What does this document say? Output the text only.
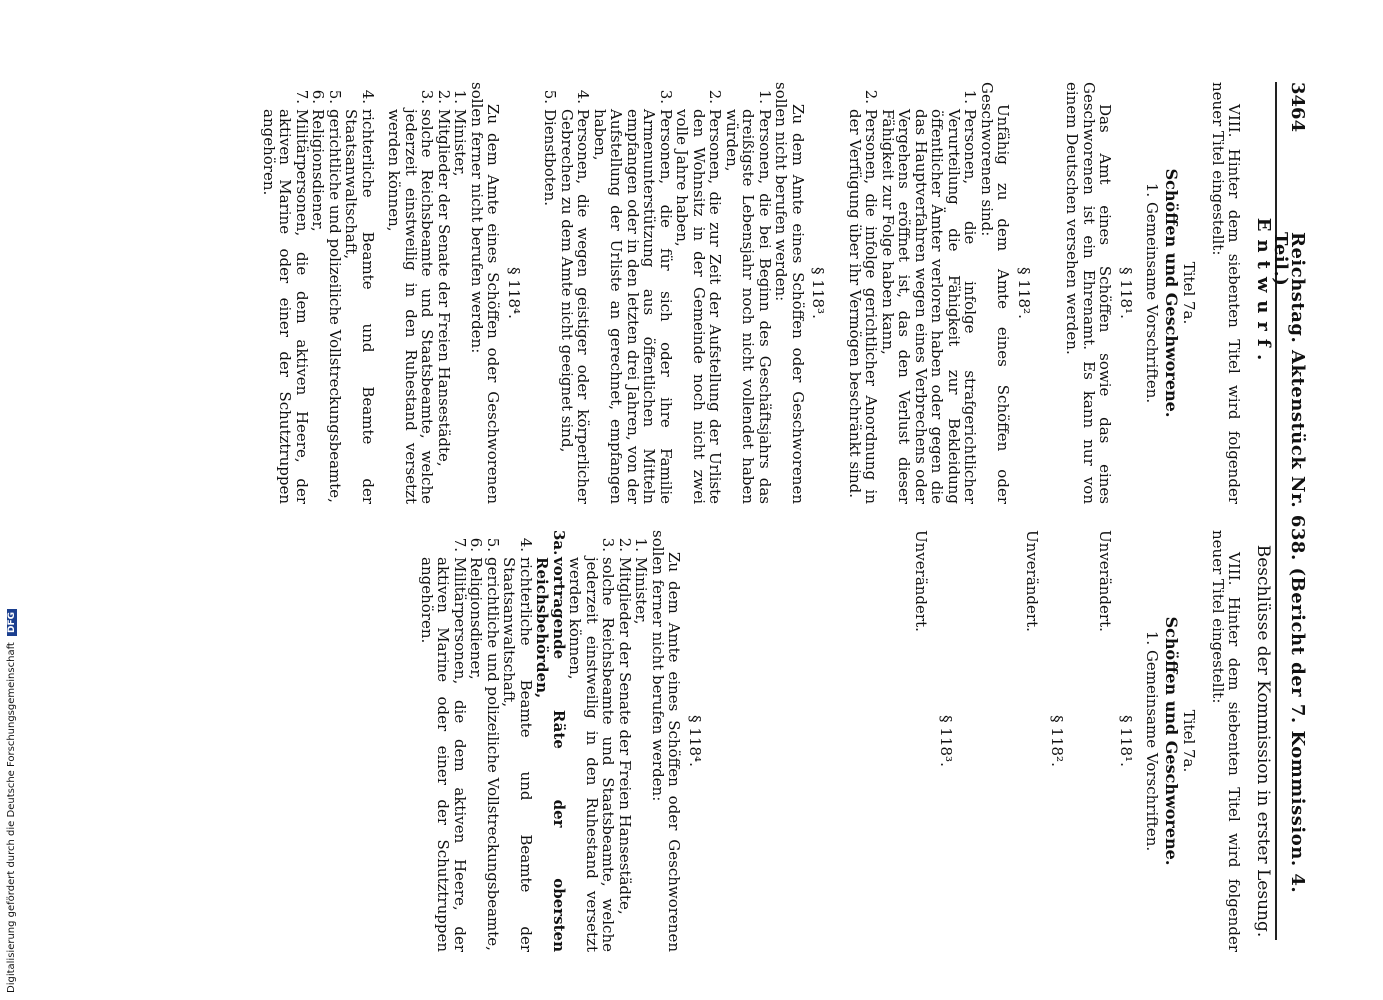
3464
Reichstag. Aktenstück Nr. 638. (Bericht der 7. Kommission. 4. Teil.)
Entwurf.

VIII. Hinter dem siebenten Titel wird folgender neuer Titel eingestellt:

Titel 7a.
Schöffen und Geschworene.
1. Gemeinsame Vorschriften.
§ 118¹.

Das Amt eines Schöffen sowie das eines Geschworenen ist ein Ehrenamt. Es kann nur von einem Deutschen versehen werden.

§ 118².

Unfähig zu dem Amte eines Schöffen oder Geschworenen sind:

1.
Personen, die infolge strafgerichtlicher Verurteilung die Fähigkeit zur Bekleidung öffentlicher Ämter verloren haben oder gegen die das Hauptverfahren wegen eines Verbrechens oder Vergehens eröffnet ist, das den Verlust dieser Fähigkeit zur Folge haben kann,
2.
Personen, die infolge gerichtlicher Anordnung in der Verfügung über ihr Vermögen beschränkt sind.
§ 118³.

Zu dem Amte eines Schöffen oder Geschworenen sollen nicht berufen werden:

1.
Personen, die bei Beginn des Geschäftsjahrs das dreißigste Lebensjahr noch nicht vollendet haben würden,
2.
Personen, die zur Zeit der Aufstellung der Urliste den Wohnsitz in der Gemeinde noch nicht zwei volle Jahre haben,
3.
Personen, die für sich oder ihre Familie Armenunterstützung aus öffentlichen Mitteln empfangen oder in den letzten drei Jahren, von der Aufstellung der Urliste an gerechnet, empfangen haben,
4.
Personen, die wegen geistiger oder körperlicher Gebrechen zu dem Amte nicht geeignet sind,
5.
Dienstboten.
§ 118⁴.

Zu dem Amte eines Schöffen oder Geschworenen sollen ferner nicht berufen werden:

1.
Minister,
2.
Mitglieder der Senate der Freien Hansestädte,
3.
solche Reichsbeamte und Staatsbeamte, welche jederzeit einstweilig in den Ruhestand versetzt werden können,
4.
richterliche Beamte und Beamte der Staatsanwaltschaft,
5.
gerichtliche und polizeiliche Vollstreckungsbeamte,
6.
Religionsdiener,
7.
Militärpersonen, die dem aktiven Heere, der aktiven Marine oder einer der Schutztruppen angehören.
Beschlüsse der Kommission in erster Lesung.

VIII. Hinter dem siebenten Titel wird folgender neuer Titel eingestellt:

Titel 7a.
Schöffen und Geschworene.
1. Gemeinsame Vorschriften.
§ 118¹.

Unverändert.

§ 118².

Unverändert.

§ 118³.

Unverändert.

§ 118⁴.

Zu dem Amte eines Schöffen oder Geschworenen sollen ferner nicht berufen werden:

1.
Minister,
2.
Mitglieder der Senate der Freien Hansestädte,
3.
solche Reichsbeamte und Staatsbeamte, welche jederzeit einstweilig in den Ruhestand versetzt werden können,
3a.
vortragende Räte der obersten Reichsbehörden,
4.
richterliche Beamte und Beamte der Staatsanwaltschaft,
5.
gerichtliche und polizeiliche Vollstreckungsbeamte,
6.
Religionsdiener,
7.
Militärpersonen, die dem aktiven Heere, der aktiven Marine oder einer der Schutztruppen angehören.
Digitalisierung gefördert durch die Deutsche Forschungsgemeinschaft DFG
